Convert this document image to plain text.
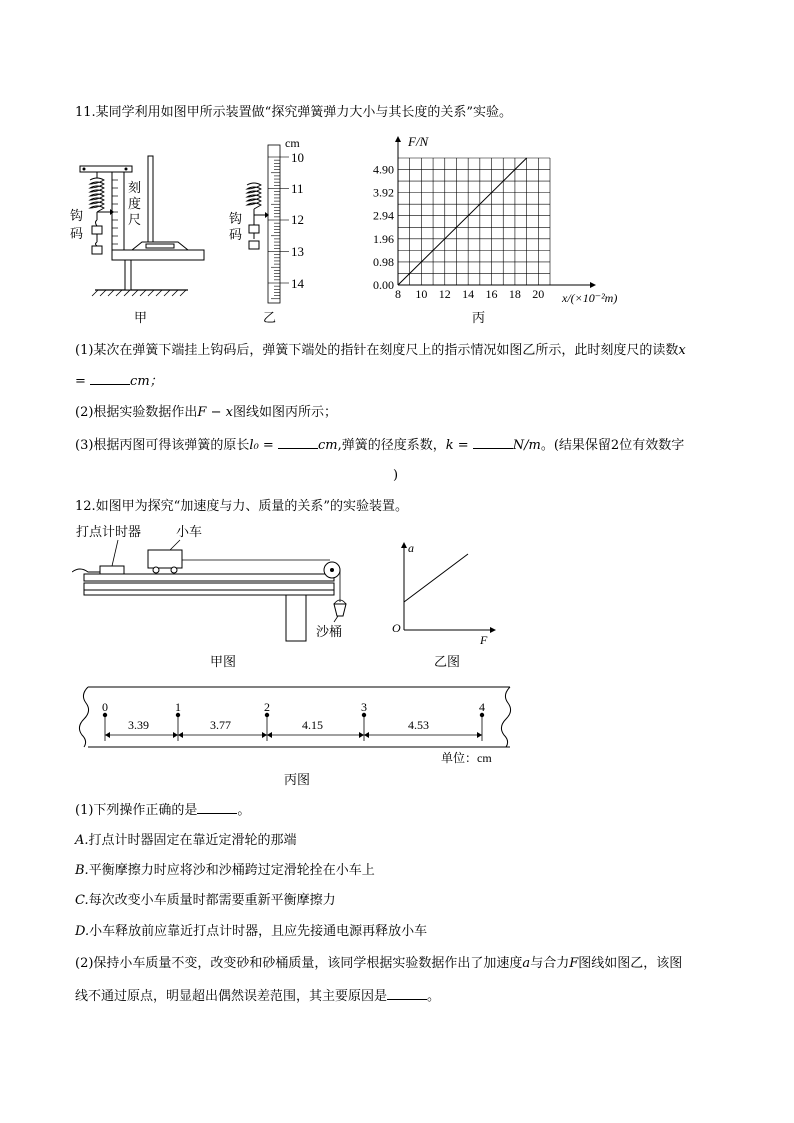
11.某同学利用如图甲所示装置做“探究弹簧弹力大小与其长度的关系”实验。
刻
度
尺
钩
码
甲
cm
10
11
12
13
14
钩
码
乙
8 10 12 14 16 18 20
0.00
0.98
1.96
2.94
3.92
4.90
F/N
x/(×10⁻²m)
丙
(1)某次在弹簧下端挂上钩码后，弹簧下端处的指针在刻度尺上的指示情况如图乙所示，此时刻度尺的读数x
=	cm；
(2)根据实验数据作出F − x图线如图丙所示；
(3)根据丙图可得该弹簧的原长l₀ =	cm,弹簧的径度系数，k =	N/m。(结果保留2位有效数字
)
12.如图甲为探究“加速度与力、质量的关系”的实验装置。
打点计时器	小车
沙桶
甲图
a
O
F
乙图
0	1	2	3	4
3.39	3.77	4.15	4.53
单位：cm
丙图
(1)下列操作正确的是	。
A.打点计时器固定在靠近定滑轮的那端
B.平衡摩擦力时应将沙和沙桶跨过定滑轮拴在小车上
C.每次改变小车质量时都需要重新平衡摩擦力
D.小车释放前应靠近打点计时器，且应先接通电源再释放小车
(2)保持小车质量不变，改变砂和砂桶质量，该同学根据实验数据作出了加速度a与合力F图线如图乙，该图
线不通过原点，明显超出偶然误差范围，其主要原因是	。
